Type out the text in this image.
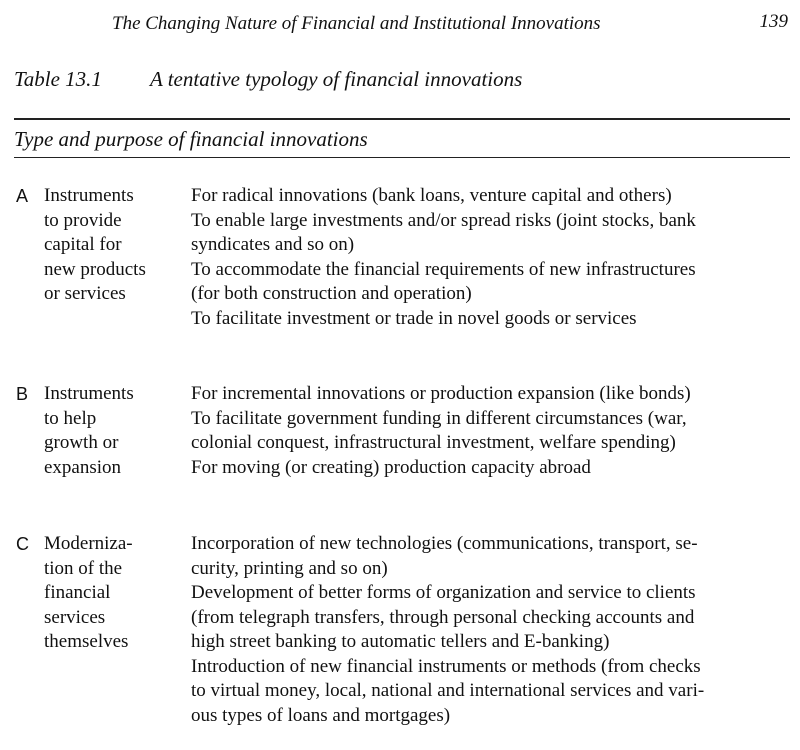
The Changing Nature of Financial and Institutional Innovations	139
Table 13.1 A tentative typology of financial innovations
Type and purpose of financial innovations
A Instruments
to provide
capital for
new products
or services
For radical innovations (bank loans, venture capital and others)
To enable large investments and/or spread risks (joint stocks, bank
syndicates and so on)
To accommodate the financial requirements of new infrastructures
(for both construction and operation)
To facilitate investment or trade in novel goods or services
B Instruments
to help
growth or
expansion
For incremental innovations or production expansion (like bonds)
To facilitate government funding in different circumstances (war,
colonial conquest, infrastructural investment, welfare spending)
For moving (or creating) production capacity abroad
C Moderniza-
tion of the
financial
services
themselves
Incorporation of new technologies (communications, transport, se-
curity, printing and so on)
Development of better forms of organization and service to clients
(from telegraph transfers, through personal checking accounts and
high street banking to automatic tellers and E-banking)
Introduction of new financial instruments or methods (from checks
to virtual money, local, national and international services and vari-
ous types of loans and mortgages)
